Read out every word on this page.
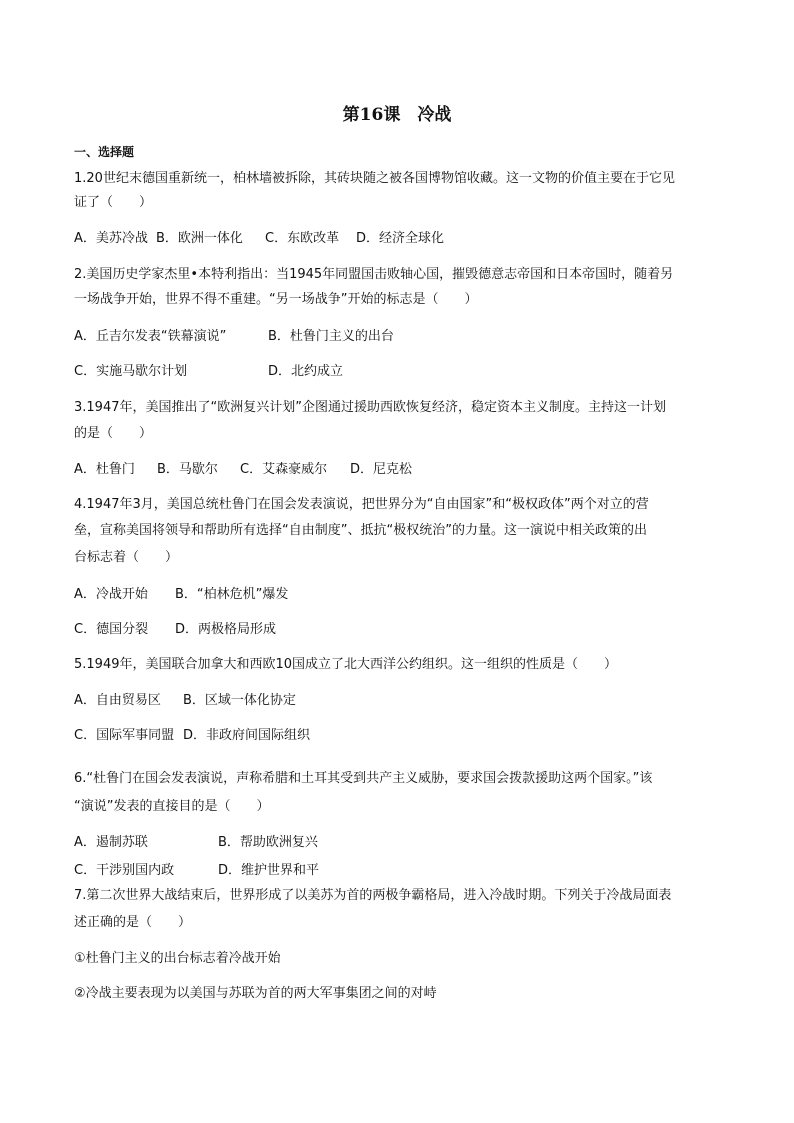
第16课　冷战
一、选择题
1.20世纪末德国重新统一，柏林墙被拆除，其砖块随之被各国博物馆收藏。这一文物的价值主要在于它见
证了（　　）
A．美苏冷战 B．欧洲一体化 C．东欧改革 D．经济全球化
2.美国历史学家杰里•本特利指出：当1945年同盟国击败轴心国，摧毁德意志帝国和日本帝国时，随着另
一场战争开始，世界不得不重建。“另一场战争”开始的标志是（　　）
A．丘吉尔发表“铁幕演说”	B．杜鲁门主义的出台
C．实施马歇尔计划	D．北约成立
3.1947年，美国推出了“欧洲复兴计划”企图通过援助西欧恢复经济，稳定资本主义制度。主持这一计划
的是（　　）
A．杜鲁门 B．马歇尔 C．艾森豪威尔 D．尼克松
4.1947年3月，美国总统杜鲁门在国会发表演说，把世界分为“自由国家”和“极权政体”两个对立的营
垒，宣称美国将领导和帮助所有选择“自由制度”、抵抗“极权统治”的力量。这一演说中相关政策的出
台标志着（　　）
A．冷战开始 B．“柏林危机”爆发
C．德国分裂 D．两极格局形成
5.1949年，美国联合加拿大和西欧10国成立了北大西洋公约组织。这一组织的性质是（　　）
A．自由贸易区 B．区域一体化协定
C．国际军事同盟 D．非政府间国际组织
6.“杜鲁门在国会发表演说，声称希腊和土耳其受到共产主义威胁，要求国会拨款援助这两个国家。”该
“演说”发表的直接目的是（　　）
A．遏制苏联	B．帮助欧洲复兴
C．干涉别国内政	D．维护世界和平
7.第二次世界大战结束后，世界形成了以美苏为首的两极争霸格局，进入冷战时期。下列关于冷战局面表
述正确的是（　　）
①杜鲁门主义的出台标志着冷战开始
②冷战主要表现为以美国与苏联为首的两大军事集团之间的对峙
